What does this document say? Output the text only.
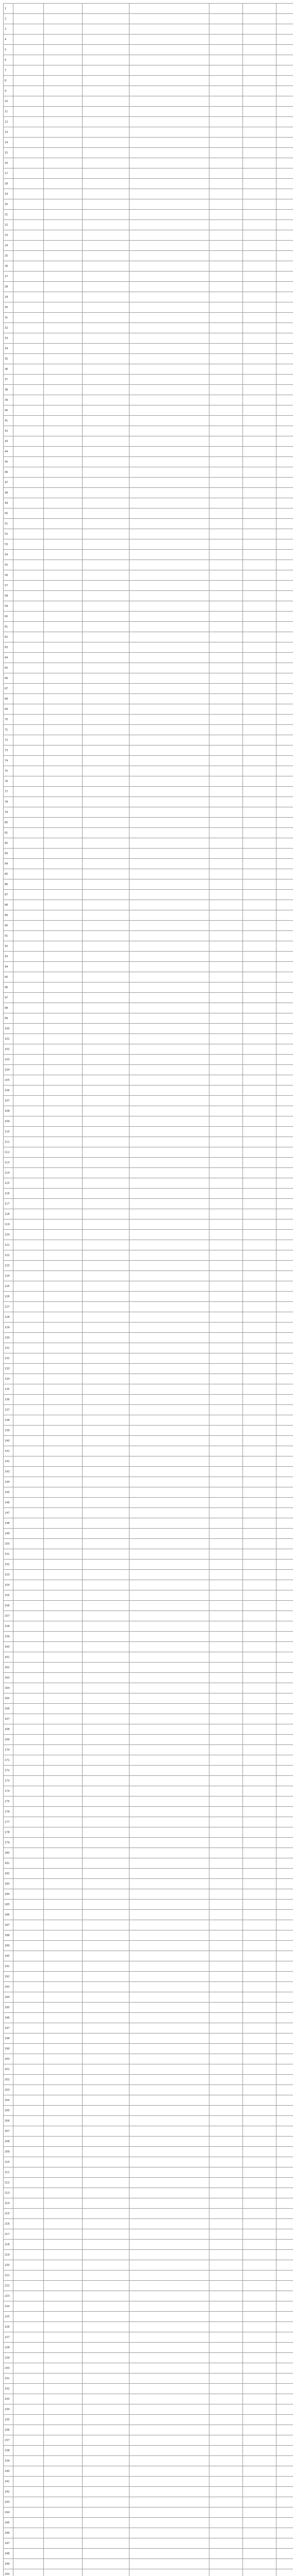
1							
2							
3							
4							
5							
6							
7							
8							
9							
10							
11							
12							
13							
14							
15							
16							
17							
18							
19							
20							
21							
22							
23							
24							
25							
26							
27							
28							
29							
30							
31							
32							
33							
34							
35							
36							
37							
38							
39							
40							
41							
42							
43							
44							
45							
46							
47							
48							
49							
50							
51							
52							
53							
54							
55							
56							
57							
58							
59							
60							
61							
62							
63							
64							
65							
66							
67							
68							
69							
70							
71							
72							
73							
74							
75							
76							
77							
78							
79							
80							
81							
82							
83							
84							
85							
86							
87							
88							
89							
90							
91							
92							
93							
94							
95							
96							
97							
98							
99							
100							
101							
102							
103							
104							
105							
106							
107							
108							
109							
110							
111							
112							
113							
114							
115							
116							
117							
118							
119							
120							
121							
122							
123							
124							
125							
126							
127							
128							
129							
130							
131							
132							
133							
134							
135							
136							
137							
138							
139							
140							
141							
142							
143							
144							
145							
146							
147							
148							
149							
150							
151							
152							
153							
154							
155							
156							
157							
158							
159							
160							
161							
162							
163							
164							
165							
166							
167							
168							
169							
170							
171							
172							
173							
174							
175							
176							
177							
178							
179							
180							
181							
182							
183							
184							
185							
186							
187							
188							
189							
190							
191							
192							
193							
194							
195							
196							
197							
198							
199							
200							
201							
202							
203							
204							
205							
206							
207							
208							
209							
210							
211							
212							
213							
214							
215							
216							
217							
218							
219							
220							
221							
222							
223							
224							
225							
226							
227							
228							
229							
230							
231							
232							
233							
234							
235							
236							
237							
238							
239							
240							
241							
242							
243							
244							
245							
246							
247							
248							
249							
250							
